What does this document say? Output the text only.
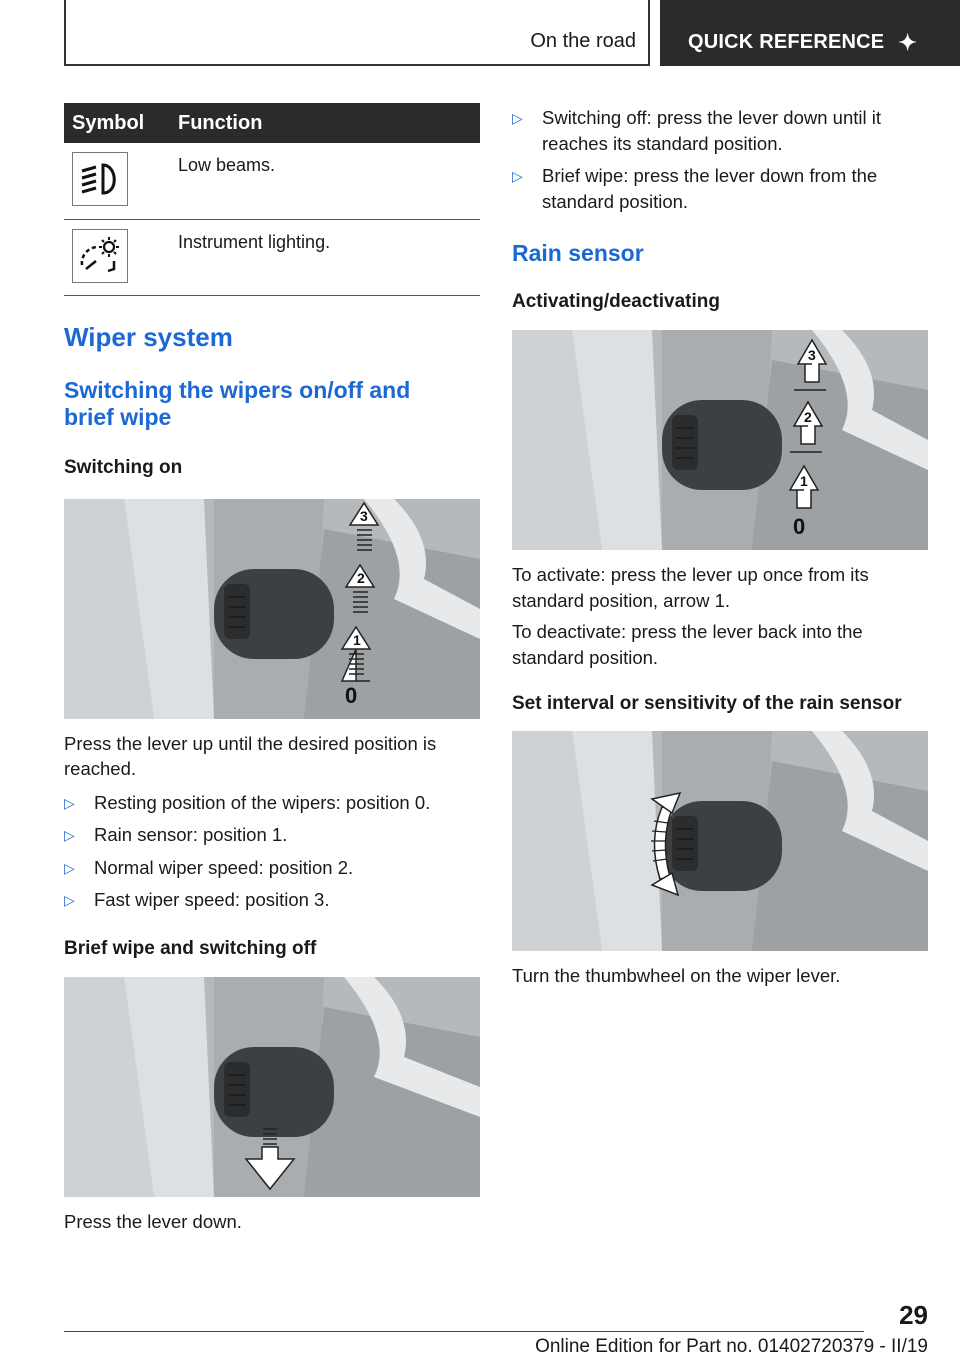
On the road	QUICK REFERENCE ✦
Symbol	Function

	Low beams.

	Instrument lighting.
Wiper system
Switching the wipers on/off and brief wipe
Switching on
0
1
2
3

Press the lever up until the desired position is reached.

▷ Resting position of the wipers: position 0.
▷ Rain sensor: position 1.
▷ Normal wiper speed: position 2.
▷ Fast wiper speed: position 3.
Brief wipe and switching off

Press the lever down.

▷ Switching off: press the lever down until it reaches its standard position.
▷ Brief wipe: press the lever down from the standard position.
Rain sensor
Activating/deactivating
0
1
2
3

To activate: press the lever up once from its standard position, arrow 1.

To deactivate: press the lever back into the standard position.

Set interval or sensitivity of the rain sensor

Turn the thumbwheel on the wiper lever.

29
Online Edition for Part no. 01402720379 - II/19
